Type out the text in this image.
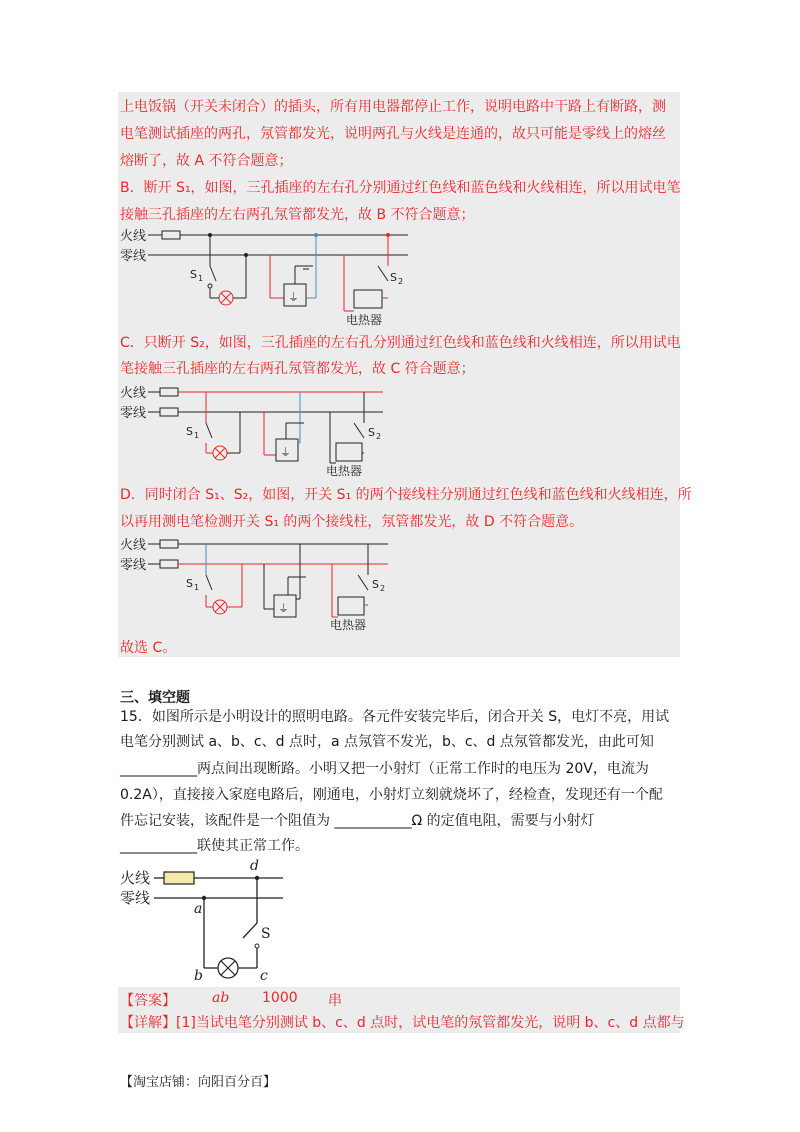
上电饭锅（开关未闭合）的插头，所有用电器都停止工作，说明电路中干路上有断路，测
电笔测试插座的两孔，氖管都发光，说明两孔与火线是连通的，故只可能是零线上的熔丝
熔断了，故 A 不符合题意；
B．断开 S₁，如图，三孔插座的左右孔分别通过红色线和蓝色线和火线相连，所以用试电笔
接触三孔插座的左右两孔氖管都发光，故 B 不符合题意；
火线
零线
S 1
⏚
S 2
电热器
C．只断开 S₂，如图，三孔插座的左右孔分别通过红色线和蓝色线和火线相连，所以用试电
笔接触三孔插座的左右两孔氖管都发光，故 C 符合题意；
火线
零线
S 1
⏚
S 2
电热器
D．同时闭合 S₁、S₂，如图，开关 S₁ 的两个接线柱分别通过红色线和蓝色线和火线相连，所
以再用测电笔检测开关 S₁ 的两个接线柱，氖管都发光，故 D 不符合题意。
火线
零线
S 1
⏚
S 2
电热器
故选 C。
三、填空题
15．如图所示是小明设计的照明电路。各元件安装完毕后，闭合开关 S，电灯不亮，用试
电笔分别测试 a、b、c、d 点时，a 点氖管不发光，b、c、d 点氖管都发光，由此可知
___________两点间出现断路。小明又把一小射灯（正常工作时的电压为 20V，电流为
0.2A），直接接入家庭电路后，刚通电，小射灯立刻就烧坏了，经检查，发现还有一个配
件忘记安装，该配件是一个阻值为 ___________Ω 的定值电阻，需要与小射灯
___________联使其正常工作。
火线
零线
d
S
a
b	c
【答案】	ab 1000 串
【详解】[1]当试电笔分别测试 b、c、d 点时，试电笔的氖管都发光，说明 b、c、d 点都与
【淘宝店铺：向阳百分百】
